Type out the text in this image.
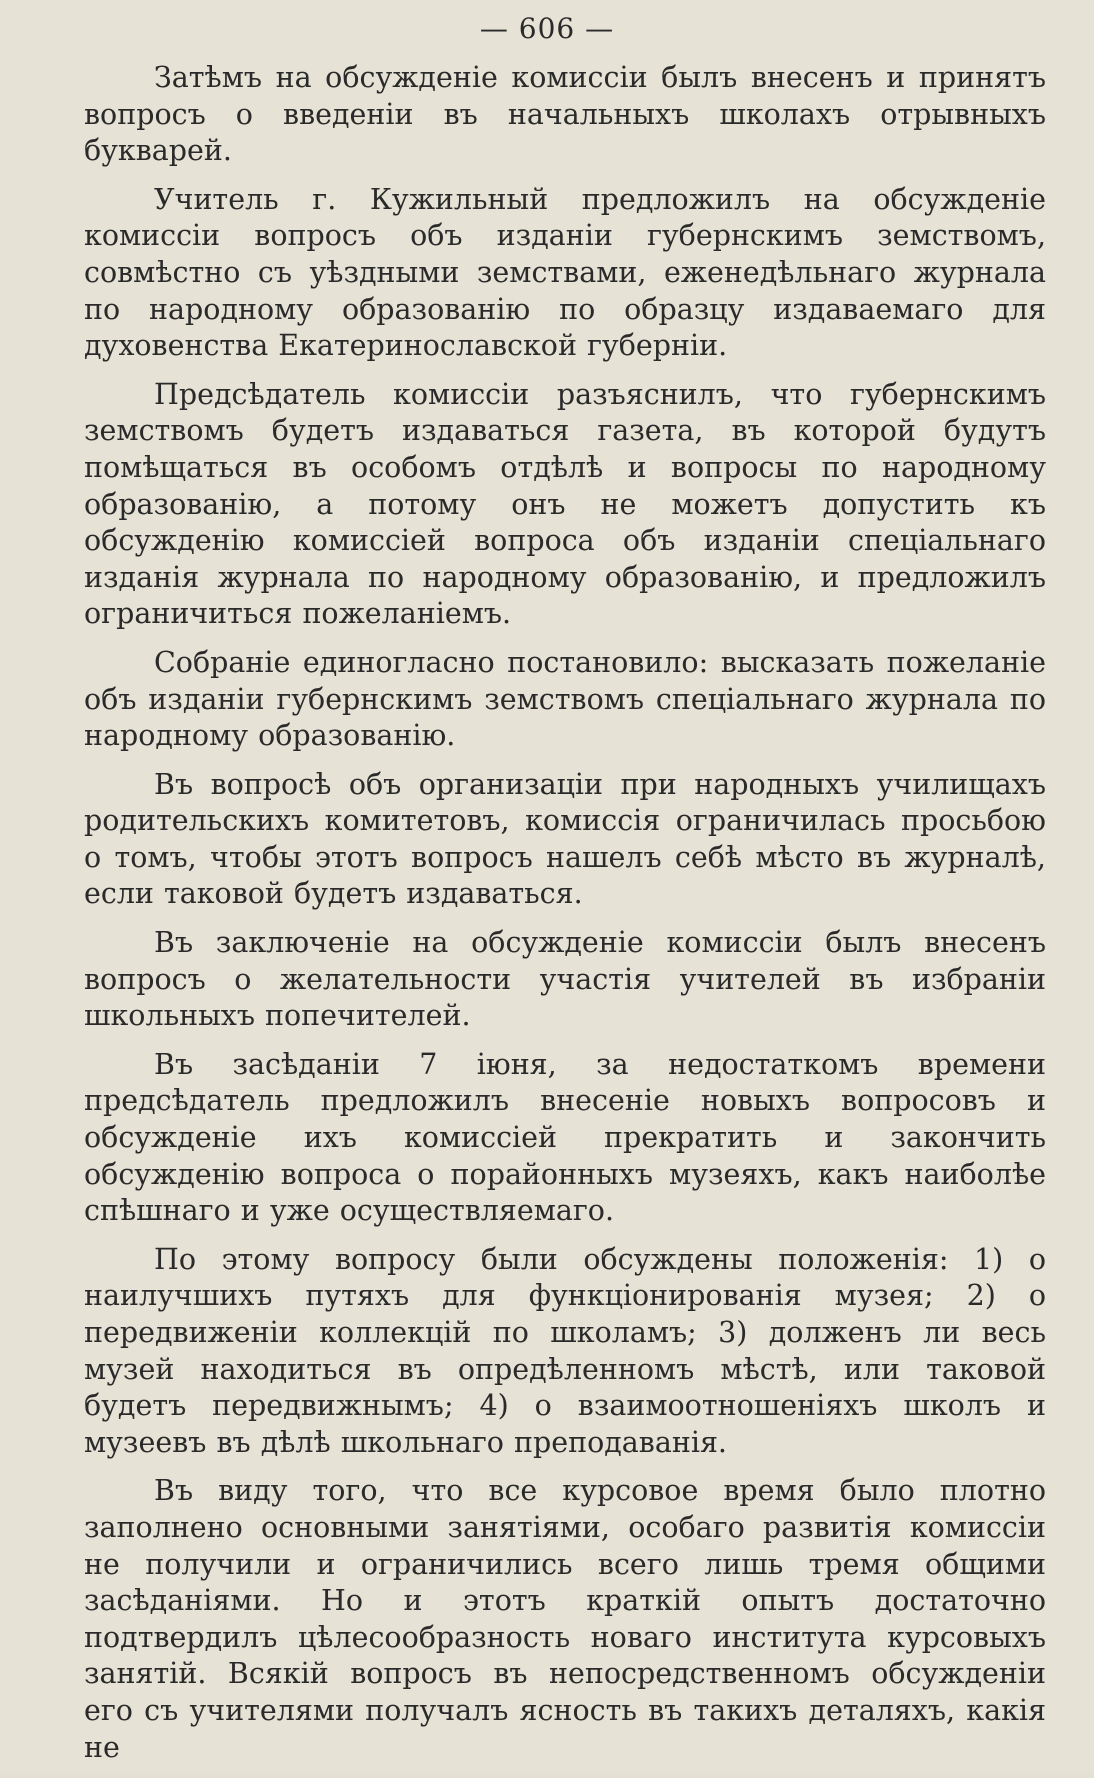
— 606 —

Затѣмъ на обсужденіе комиссіи былъ внесенъ и принятъ вопросъ о введеніи въ начальныхъ школахъ отрывныхъ букварей.

Учитель г. Кужильный предложилъ на обсужденіе комиссіи вопросъ объ изданіи губернскимъ земствомъ, совмѣстно съ уѣздными земствами, еженедѣльнаго журнала по народному образованію по образцу издаваемаго для духовенства Екатеринославской губерніи.

Предсѣдатель комиссіи разъяснилъ, что губернскимъ земствомъ будетъ издаваться газета, въ которой будутъ помѣщаться въ особомъ отдѣлѣ и вопросы по народному образованію, а потому онъ не можетъ допустить къ обсужденію комиссіей вопроса объ изданіи спеціальнаго изданія журнала по народному образованію, и предложилъ ограничиться пожеланіемъ.

Собраніе единогласно постановило: высказать пожеланіе объ изданіи губернскимъ земствомъ спеціальнаго журнала по народному образованію.

Въ вопросѣ объ организаціи при народныхъ училищахъ родительскихъ комитетовъ, комиссія ограничилась просьбою о томъ, чтобы этотъ вопросъ нашелъ себѣ мѣсто въ журналѣ, если таковой будетъ издаваться.

Въ заключеніе на обсужденіе комиссіи былъ внесенъ вопросъ о желательности участія учителей въ избраніи школьныхъ попечителей.

Въ засѣданіи 7 іюня, за недостаткомъ времени предсѣдатель предложилъ внесеніе новыхъ вопросовъ и обсужденіе ихъ комиссіей прекратить и закончить обсужденію вопроса о порайонныхъ музеяхъ, какъ наиболѣе спѣшнаго и уже осуществляемаго.

По этому вопросу были обсуждены положенія: 1) о наилучшихъ путяхъ для функціонированія музея; 2) о передвиженіи коллекцій по школамъ; 3) долженъ ли весь музей находиться въ опредѣленномъ мѣстѣ, или таковой будетъ передвижнымъ; 4) о взаимоотношеніяхъ школъ и музеевъ въ дѣлѣ школьнаго преподаванія.

Въ виду того, что все курсовое время было плотно заполнено основными занятіями, особаго развитія комиссіи не получили и ограничились всего лишь тремя общими засѣданіями. Но и этотъ краткій опытъ достаточно подтвердилъ цѣлесообразность новаго института курсовыхъ занятій. Всякій вопросъ въ непосредственномъ обсужденіи его съ учителями получалъ ясность въ такихъ деталяхъ, какія не
